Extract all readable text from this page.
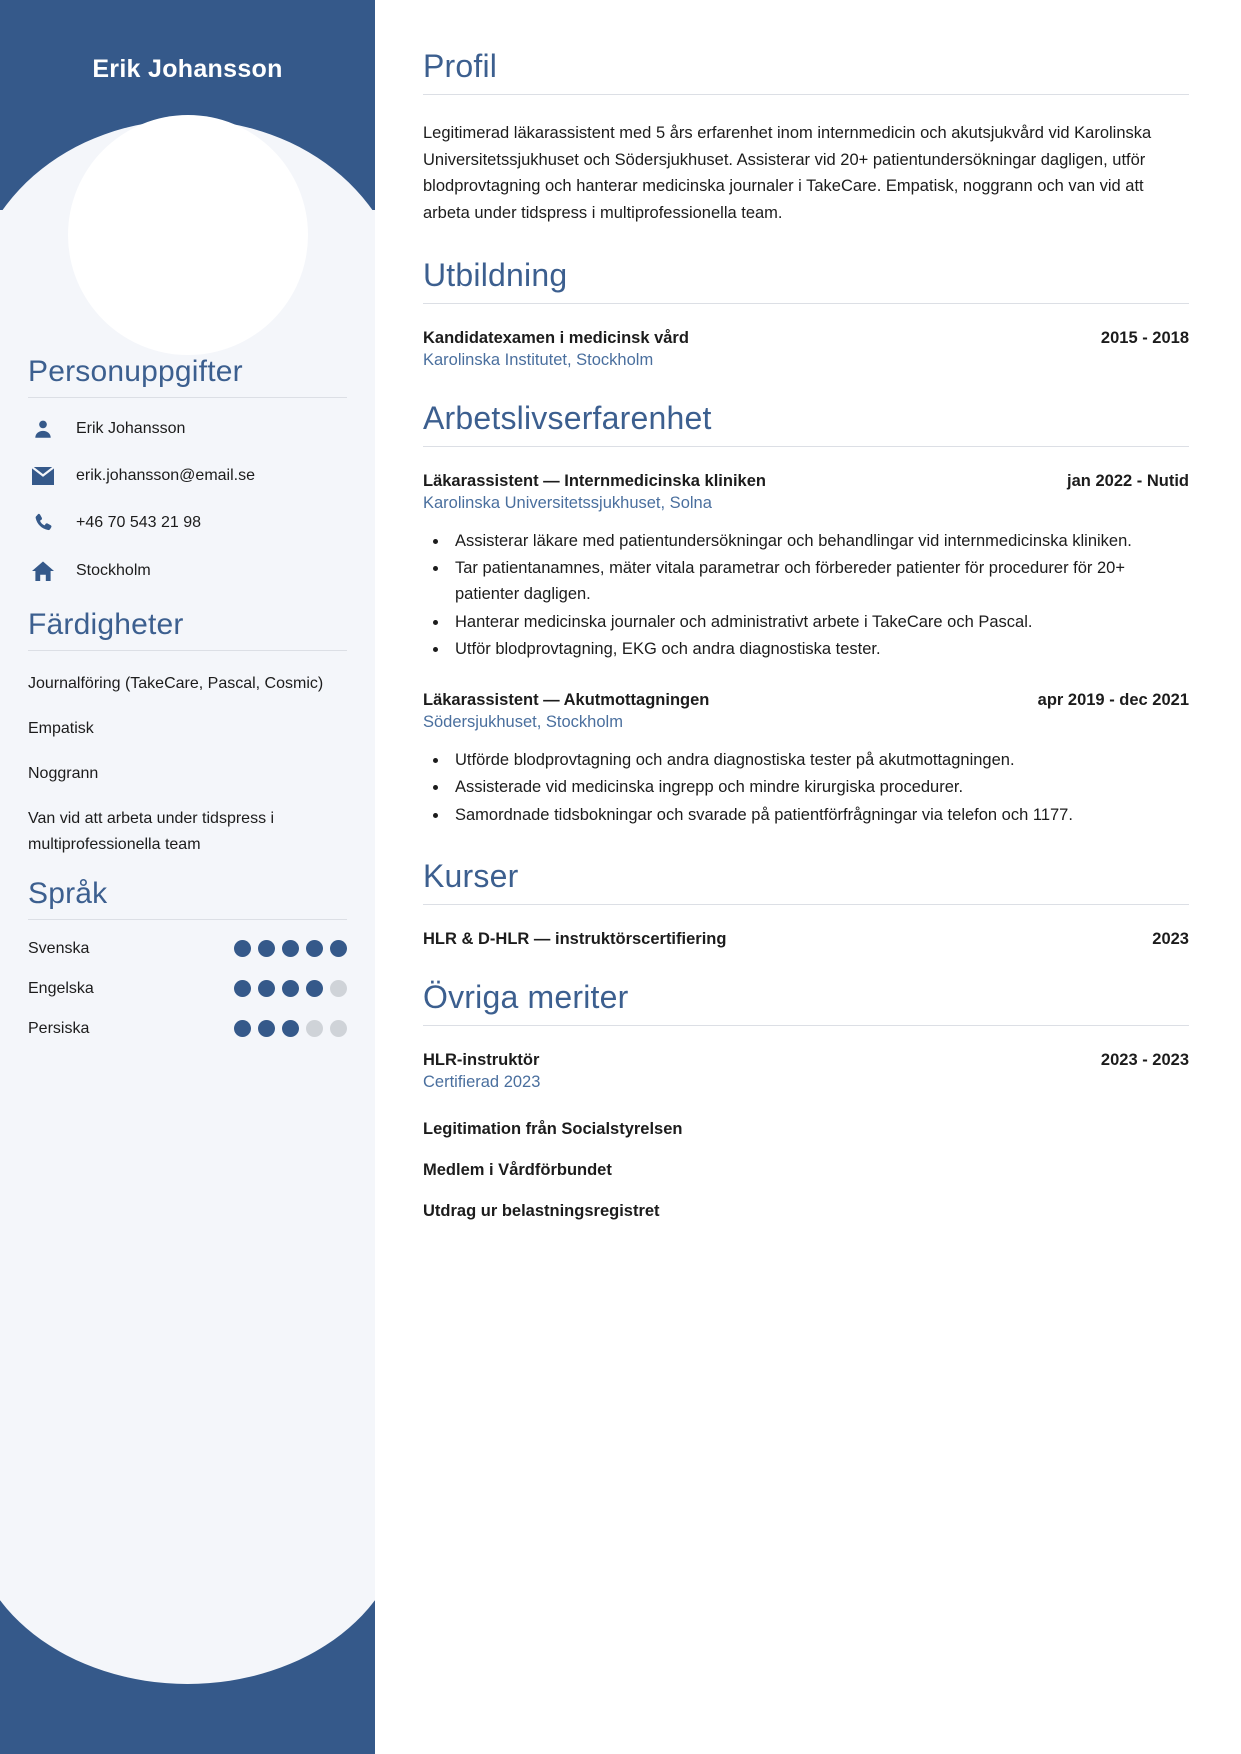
Erik Johansson
Personuppgifter
Erik Johansson
erik.johansson@email.se
+46 70 543 21 98
Stockholm
Färdigheter
Journalföring (TakeCare, Pascal, Cosmic)
Empatisk
Noggrann
Van vid att arbeta under tidspress i multiprofessionella team
Språk
Svenska
Engelska
Persiska
Profil

Legitimerad läkarassistent med 5 års erfarenhet inom internmedicin och akutsjukvård vid Karolinska Universitetssjukhuset och Södersjukhuset. Assisterar vid 20+ patientundersökningar dagligen, utför blodprovtagning och hanterar medicinska journaler i TakeCare. Empatisk, noggrann och van vid att arbeta under tidspress i multiprofessionella team.

Utbildning
Kandidatexamen i medicinsk vård	2015 - 2018
Karolinska Institutet, Stockholm
Arbetslivserfarenhet
Läkarassistent — Internmedicinska kliniken	jan 2022 - Nutid
Karolinska Universitetssjukhuset, Solna
• Assisterar läkare med patientundersökningar och behandlingar vid internmedicinska kliniken.
• Tar patientanamnes, mäter vitala parametrar och förbereder patienter för procedurer för 20+ patienter dagligen.
• Hanterar medicinska journaler och administrativt arbete i TakeCare och Pascal.
• Utför blodprovtagning, EKG och andra diagnostiska tester.
Läkarassistent — Akutmottagningen	apr 2019 - dec 2021
Södersjukhuset, Stockholm
• Utförde blodprovtagning och andra diagnostiska tester på akutmottagningen.
• Assisterade vid medicinska ingrepp och mindre kirurgiska procedurer.
• Samordnade tidsbokningar och svarade på patientförfrågningar via telefon och 1177.
Kurser
HLR & D-HLR — instruktörscertifiering	2023
Övriga meriter
HLR-instruktör	2023 - 2023
Certifierad 2023
Legitimation från Socialstyrelsen
Medlem i Vårdförbundet
Utdrag ur belastningsregistret
